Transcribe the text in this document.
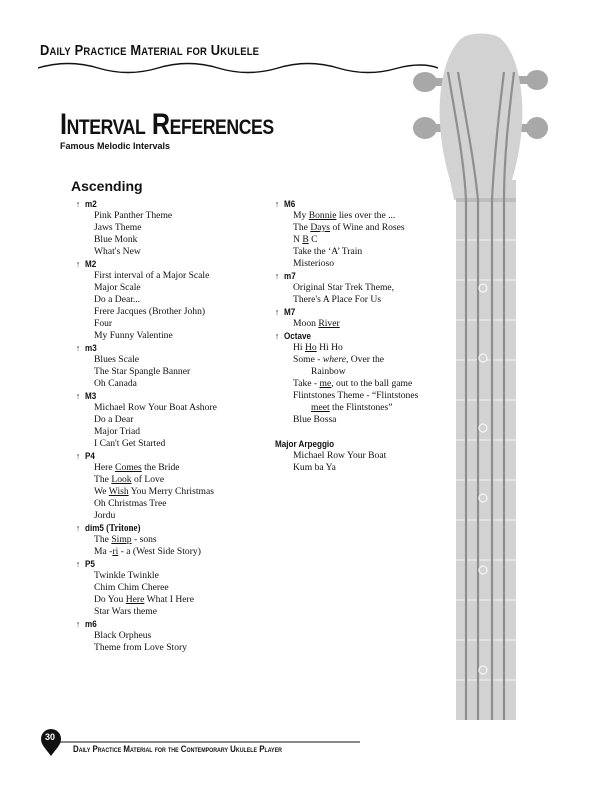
Daily Practice Material for Ukulele
Interval References
Famous Melodic Intervals
Ascending
↑ m2
Pink Panther Theme
Jaws Theme
Blue Monk
What's New
↑ M2
First interval of a Major Scale
Major Scale
Do a Dear...
Frere Jacques (Brother John)
Four
My Funny Valentine
↑ m3
Blues Scale
The Star Spangle Banner
Oh Canada
↑ M3
Michael Row Your Boat Ashore
Do a Dear
Major Triad
I Can't Get Started
↑ P4
Here Comes the Bride
The Look of Love
We Wish You Merry Christmas
Oh Christmas Tree
Jordu
↑ dim5 (Tritone)
The Simp - sons
Ma -ri - a (West Side Story)
↑ P5
Twinkle Twinkle
Chim Chim Cheree
Do You Here What I Here
Star Wars theme
↑ m6
Black Orpheus
Theme from Love Story
↑ M6
My Bonnie lies over the ...
The Days of Wine and Roses
N B C
Take the ‘A’ Train
Misterioso
↑ m7
Original Star Trek Theme,
There's A Place For Us
↑ M7
Moon River
↑ Octave
Hi Ho Hi Ho
Some - where, Over the
Rainbow
Take - me, out to the ball game
Flintstones Theme - “Flintstones
meet the Flintstones”
Blue Bossa
Major Arpeggio
Michael Row Your Boat
Kum ba Ya
30
Daily Practice Material for the Contemporary Ukulele Player
